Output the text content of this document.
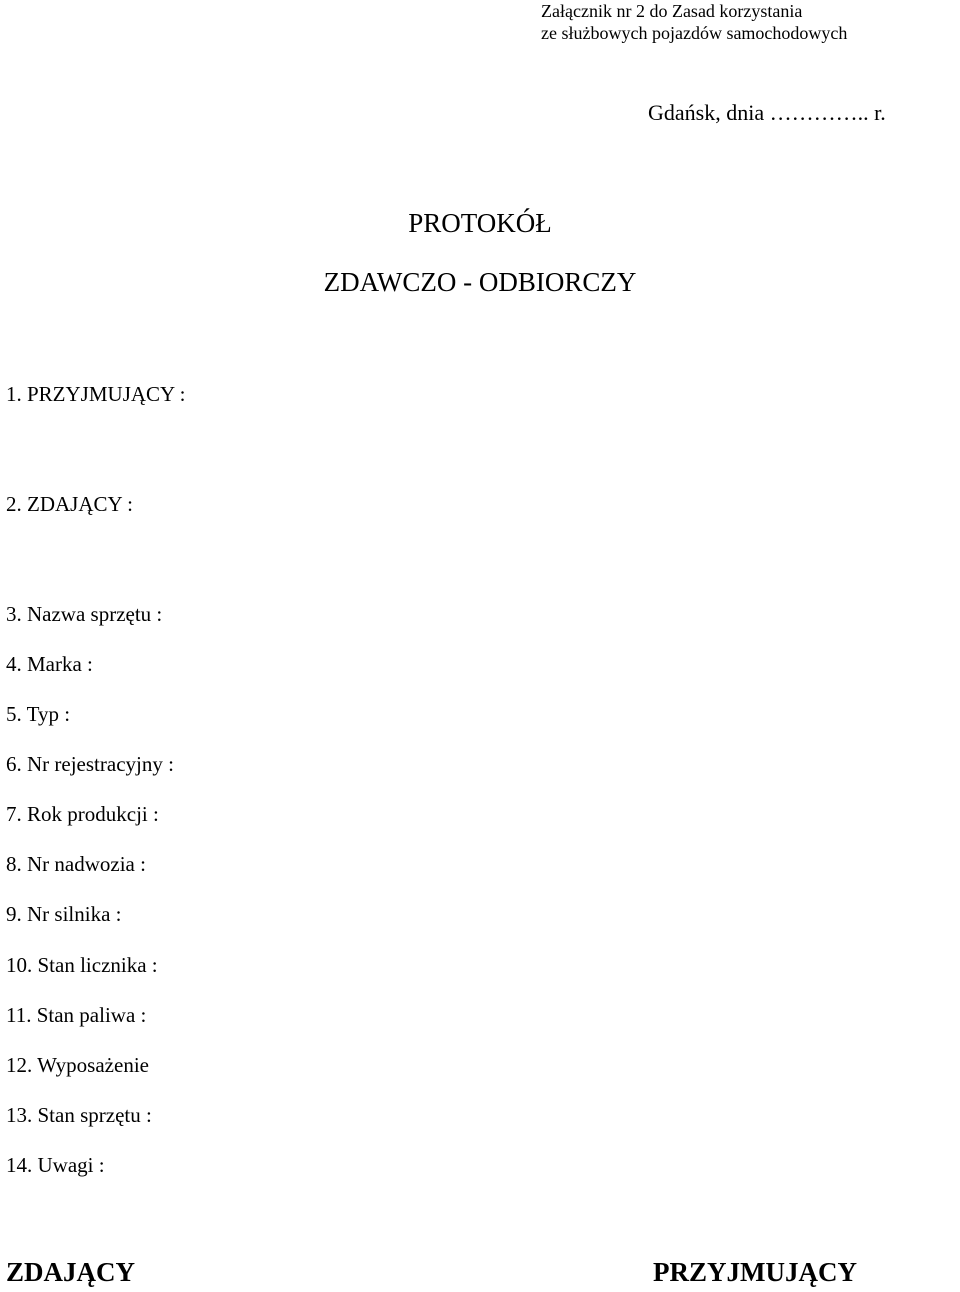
Załącznik nr 2 do Zasad korzystania
ze służbowych pojazdów samochodowych
Gdańsk, dnia ………….. r.
PROTOKÓŁ
ZDAWCZO - ODBIORCZY
1. PRZYJMUJĄCY :
2. ZDAJĄCY :
3. Nazwa sprzętu :
4. Marka :
5. Typ :
6. Nr rejestracyjny :
7. Rok produkcji :
8. Nr nadwozia :
9. Nr silnika :
10. Stan licznika :
11. Stan paliwa :
12. Wyposażenie
13. Stan sprzętu :
14. Uwagi :
ZDAJĄCY	PRZYJMUJĄCY
